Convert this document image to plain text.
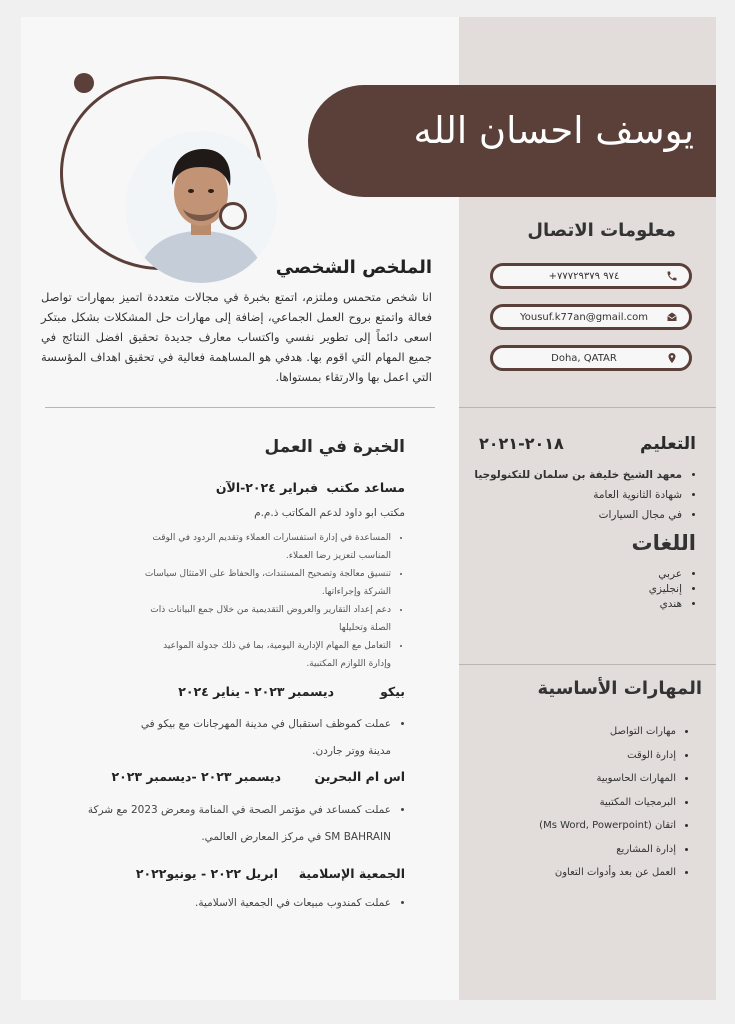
يوسف احسان الله
معلومات الاتصال
+٩٧٤ ٧٧٧٢٩٣٧٩
Yousuf.k77an@gmail.com
Doha, QATAR
الملخص الشخصي
انا شخص متحمس وملتزم، اتمتع بخبرة في مجالات متعددة اتميز بمهارات تواصل فعالة واتمتع بروح العمل الجماعي، إضافة إلى مهارات حل المشكلات بشكل مبتكر اسعى دائماً إلى تطوير نفسي واكتساب معارف جديدة تحقيق افضل النتائج في جميع المهام التي اقوم بها. هدفي هو المساهمة فعالية في تحقيق اهداف المؤسسة التي اعمل بها والارتقاء بمستواها.
التعليم
٢٠١٨-٢٠٢١
• معهد الشيخ خليفة بن سلمان للتكنولوجيا
• شهادة الثانوية العامة
• في مجال السيارات
اللغات
• عربي
• إنجليزي
• هندي
المهارات الأساسية
• مهارات التواصل
• إدارة الوقت
• المهارات الحاسوبية
• البرمجيات المكتبية
• اتقان (Ms Word, Powerpoint)
• إدارة المشاريع
• العمل عن بعد وأدوات التعاون
الخبرة في العمل
مساعد مكتب
فبراير ٢٠٢٤-الآن
مكتب ابو داود لدعم المكاتب ذ.م.م
• المساعدة في إدارة استفسارات العملاء وتقديم الردود في الوقت المناسب لتعزيز رضا العملاء.
• تنسيق معالجة وتصحيح المستندات، والحفاظ على الامتثال سياسات الشركة وإجراءاتها.
• دعم إعداد التقارير والعروض التقديمية من خلال جمع البيانات ذات الصلة وتحليلها
• التعامل مع المهام الإدارية اليومية، بما في ذلك جدولة المواعيد وإدارة اللوازم المكتبية.
بيكو
ديسمبر ٢٠٢٣ - يناير ٢٠٢٤
• عملت كموظف استقبال في مدينة المهرجانات مع بيكو في مدينة ووتر جاردن.
اس ام البحرين
ديسمبر ٢٠٢٣ -ديسمبر ٢٠٢٣
• عملت كمساعد في مؤتمر الصحة في المنامة ومعرض 2023 مع شركة SM BAHRAIN في مركز المعارض العالمي.
الجمعية الإسلامية
ابريل ٢٠٢٢ - يونيو٢٠٢٢
• عملت كمندوب مبيعات في الجمعية الاسلامية.
